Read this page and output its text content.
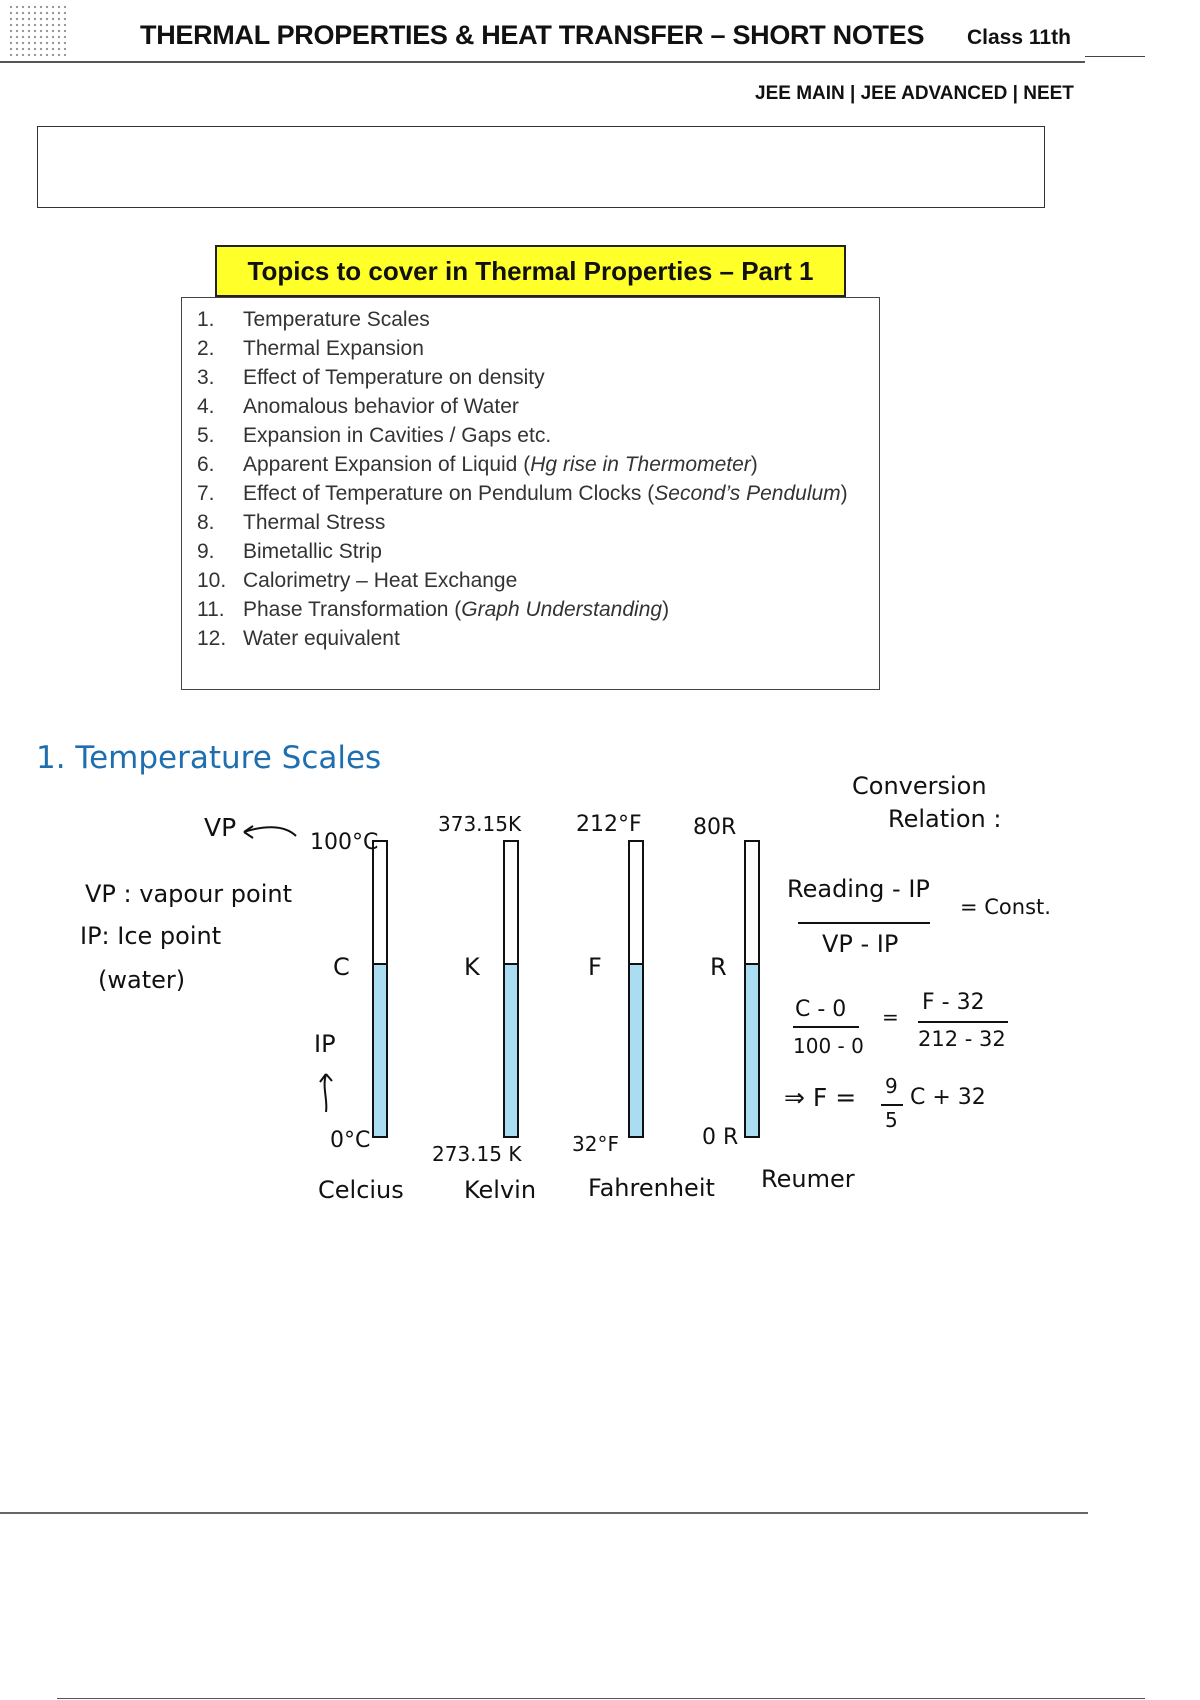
THERMAL PROPERTIES & HEAT TRANSFER – SHORT NOTES Class 11th
JEE MAIN | JEE ADVANCED | NEET
Topics to cover in Thermal Properties – Part 1
1. Temperature Scales
2. Thermal Expansion
3. Effect of Temperature on density
4. Anomalous behavior of Water
5. Expansion in Cavities / Gaps etc.
6. Apparent Expansion of Liquid (Hg rise in Thermometer)
7. Effect of Temperature on Pendulum Clocks (Second’s Pendulum)
8. Thermal Stress
9. Bimetallic Strip
10. Calorimetry – Heat Exchange
11. Phase Transformation (Graph Understanding)
12. Water equivalent
1. Temperature Scales
VP
VP : vapour point
IP: Ice point
(water)
IP
100°C
C
0°C
Celcius
373.15K
K
273.15 K
Kelvin
212°F
F
32°F
Fahrenheit
80R
R
0 R
Reumer
Conversion
Relation :
Reading - IP
VP - IP
= Const.
C - 0
100 - 0
=
F - 32
212 - 32
⇒ F = 9
5
C + 32
